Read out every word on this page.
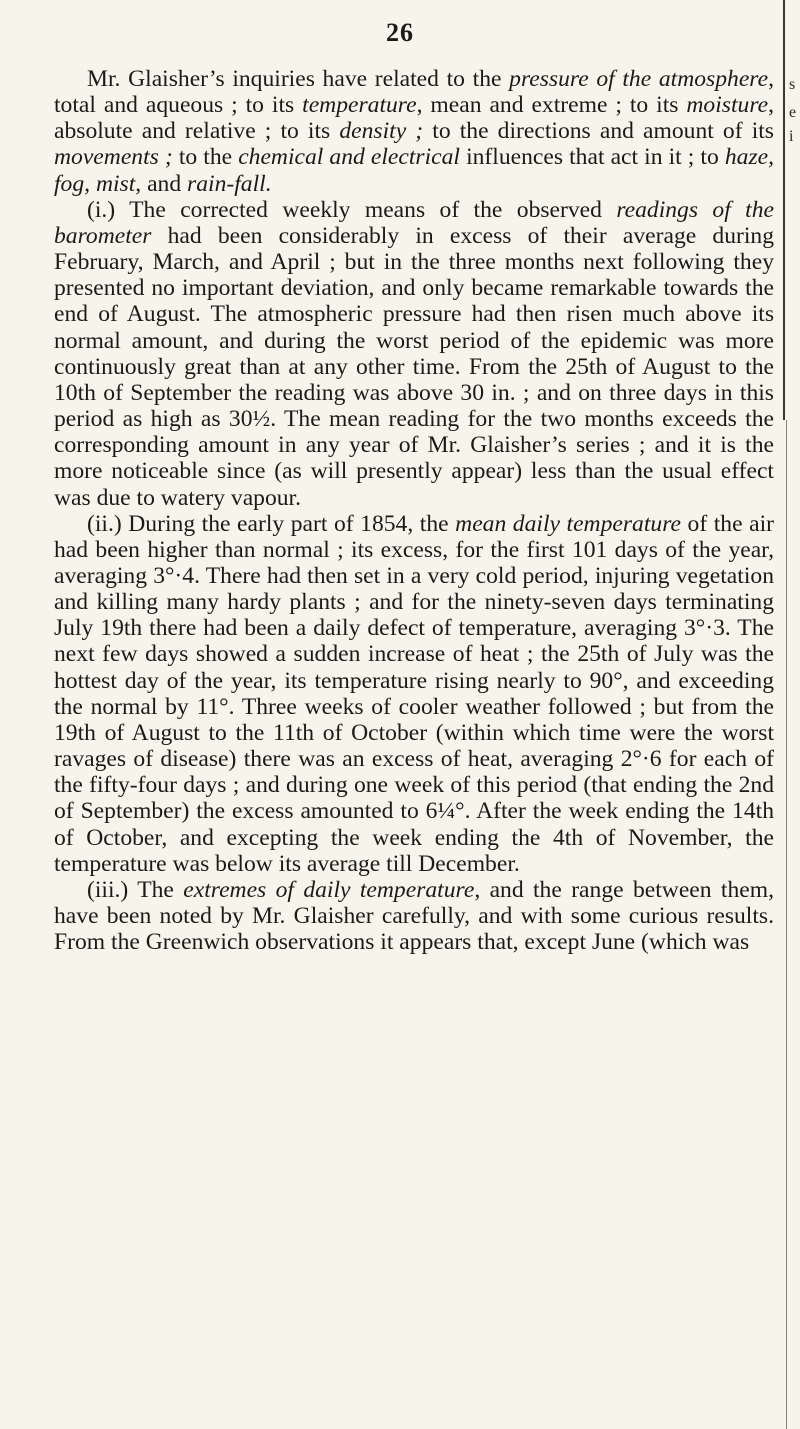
s
e
i
26

Mr. Glaisher’s inquiries have related to the pressure of the atmosphere, total and aqueous ; to its temperature, mean and extreme ; to its moisture, absolute and relative ; to its density ; to the directions and amount of its movements ; to the chemical and electrical influences that act in it ; to haze, fog, mist, and rain-fall.

(i.) The corrected weekly means of the observed readings of the barometer had been considerably in excess of their average during February, March, and April ; but in the three months next following they presented no important deviation, and only became remarkable towards the end of August. The atmospheric pressure had then risen much above its normal amount, and during the worst period of the epidemic was more continuously great than at any other time. From the 25th of August to the 10th of September the reading was above 30 in. ; and on three days in this period as high as 30½. The mean reading for the two months exceeds the corresponding amount in any year of Mr. Glaisher’s series ; and it is the more noticeable since (as will presently appear) less than the usual effect was due to watery vapour.

(ii.) During the early part of 1854, the mean daily temperature of the air had been higher than normal ; its excess, for the first 101 days of the year, averaging 3°·4. There had then set in a very cold period, injuring vegetation and killing many hardy plants ; and for the ninety-seven days terminating July 19th there had been a daily defect of temperature, averaging 3°·3. The next few days showed a sudden increase of heat ; the 25th of July was the hottest day of the year, its temperature rising nearly to 90°, and exceeding the normal by 11°. Three weeks of cooler weather followed ; but from the 19th of August to the 11th of October (within which time were the worst ravages of disease) there was an excess of heat, averaging 2°·6 for each of the fifty-four days ; and during one week of this period (that ending the 2nd of September) the excess amounted to 6¼°. After the week ending the 14th of October, and excepting the week ending the 4th of November, the temperature was below its average till December.

(iii.) The extremes of daily temperature, and the range between them, have been noted by Mr. Glaisher carefully, and with some curious results. From the Greenwich observations it appears that, except June (which was
